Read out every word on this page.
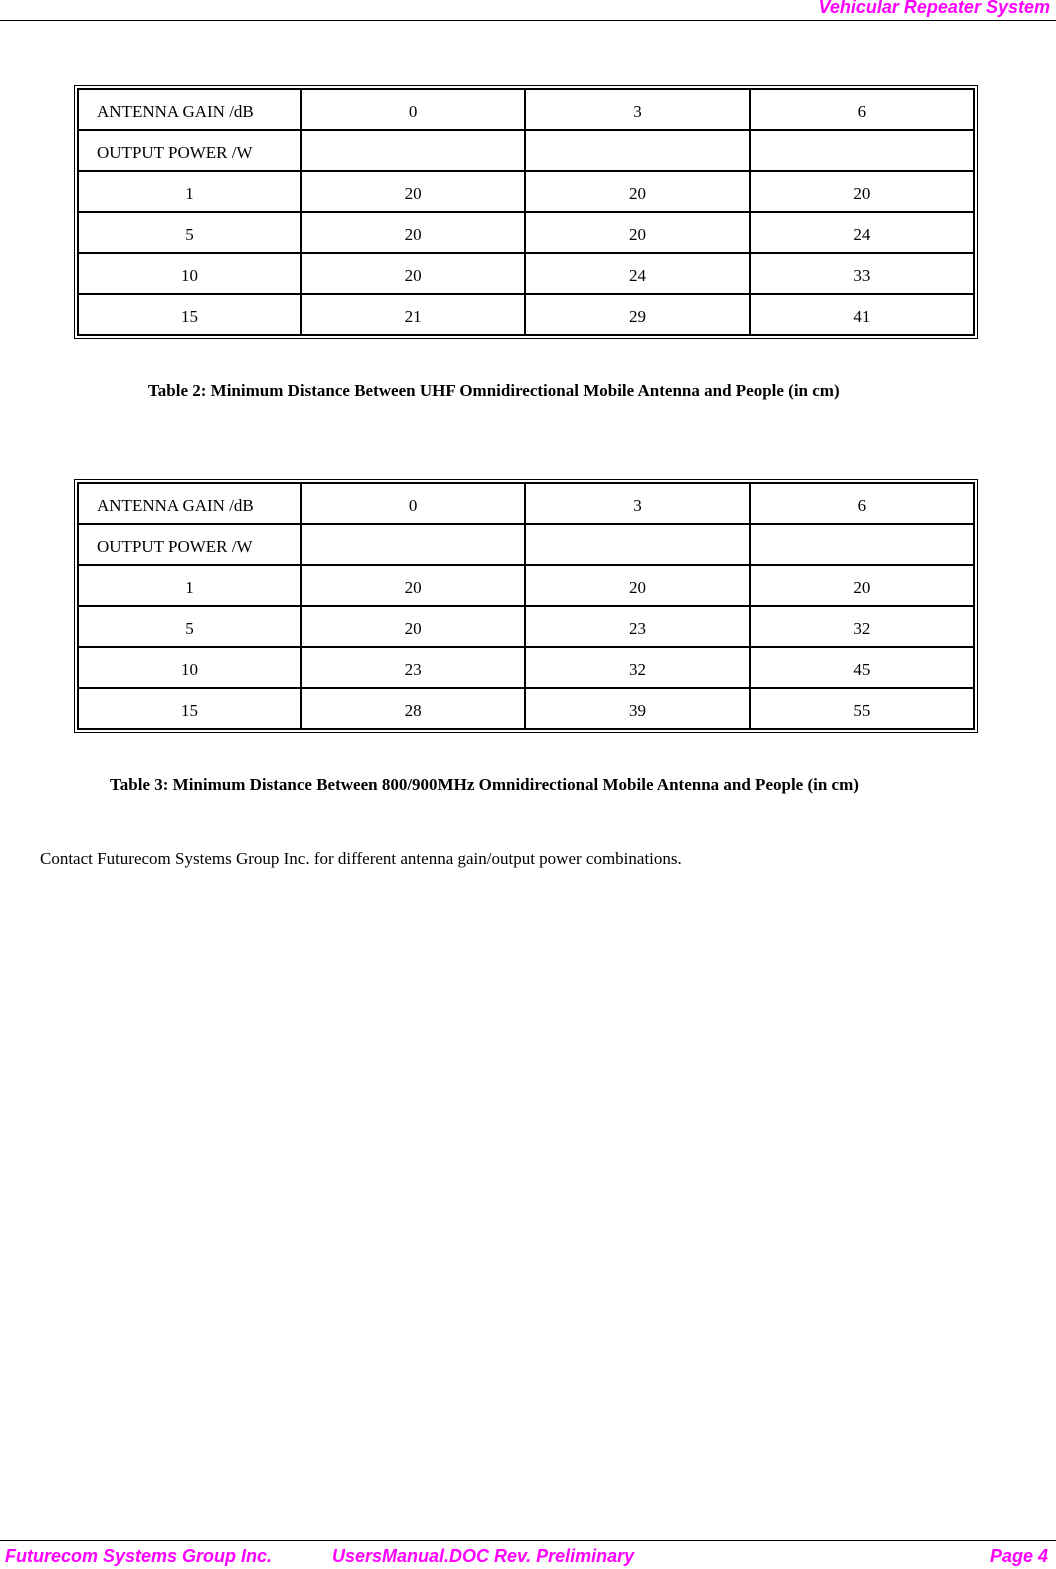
Vehicular Repeater System
ANTENNA GAIN /dB	0	3	6
OUTPUT POWER /W			
1	20	20	20
5	20	20	24
10	20	24	33
15	21	29	41
Table 2: Minimum Distance Between UHF Omnidirectional Mobile Antenna and People (in cm)
ANTENNA GAIN /dB	0	3	6
OUTPUT POWER /W			
1	20	20	20
5	20	23	32
10	23	32	45
15	28	39	55
Table 3: Minimum Distance Between 800/900MHz Omnidirectional Mobile Antenna and People (in cm)
Contact Futurecom Systems Group Inc. for different antenna gain/output power combinations.
Futurecom Systems Group Inc.	UsersManual.DOC Rev. Preliminary	Page 4
